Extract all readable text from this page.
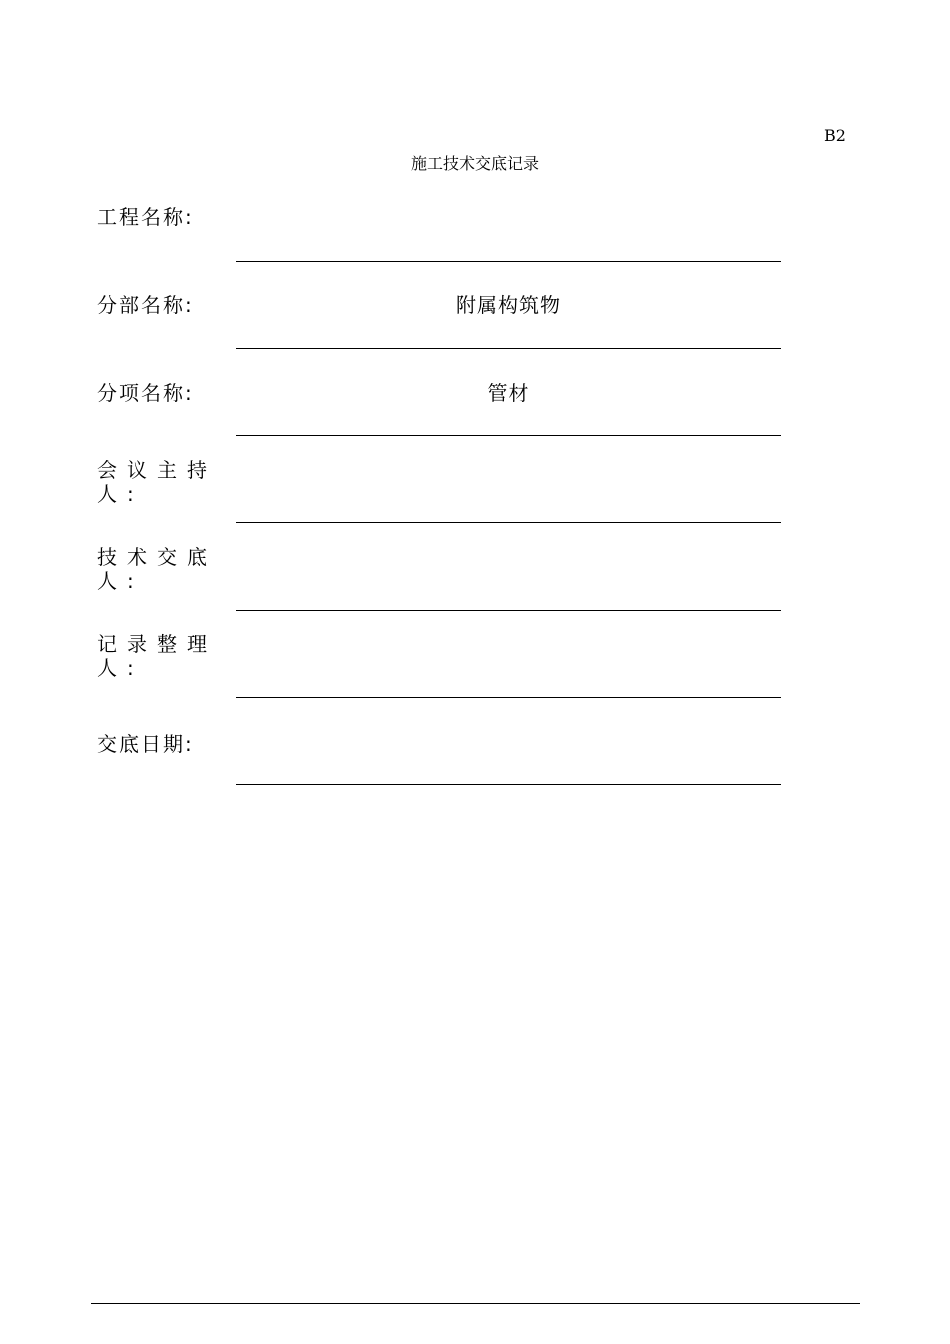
B2
施工技术交底记录
工程名称:
分部名称:	附属构筑物
分项名称:	管材
会议主持人:
技术交底人:
记录整理人:
交底日期:
